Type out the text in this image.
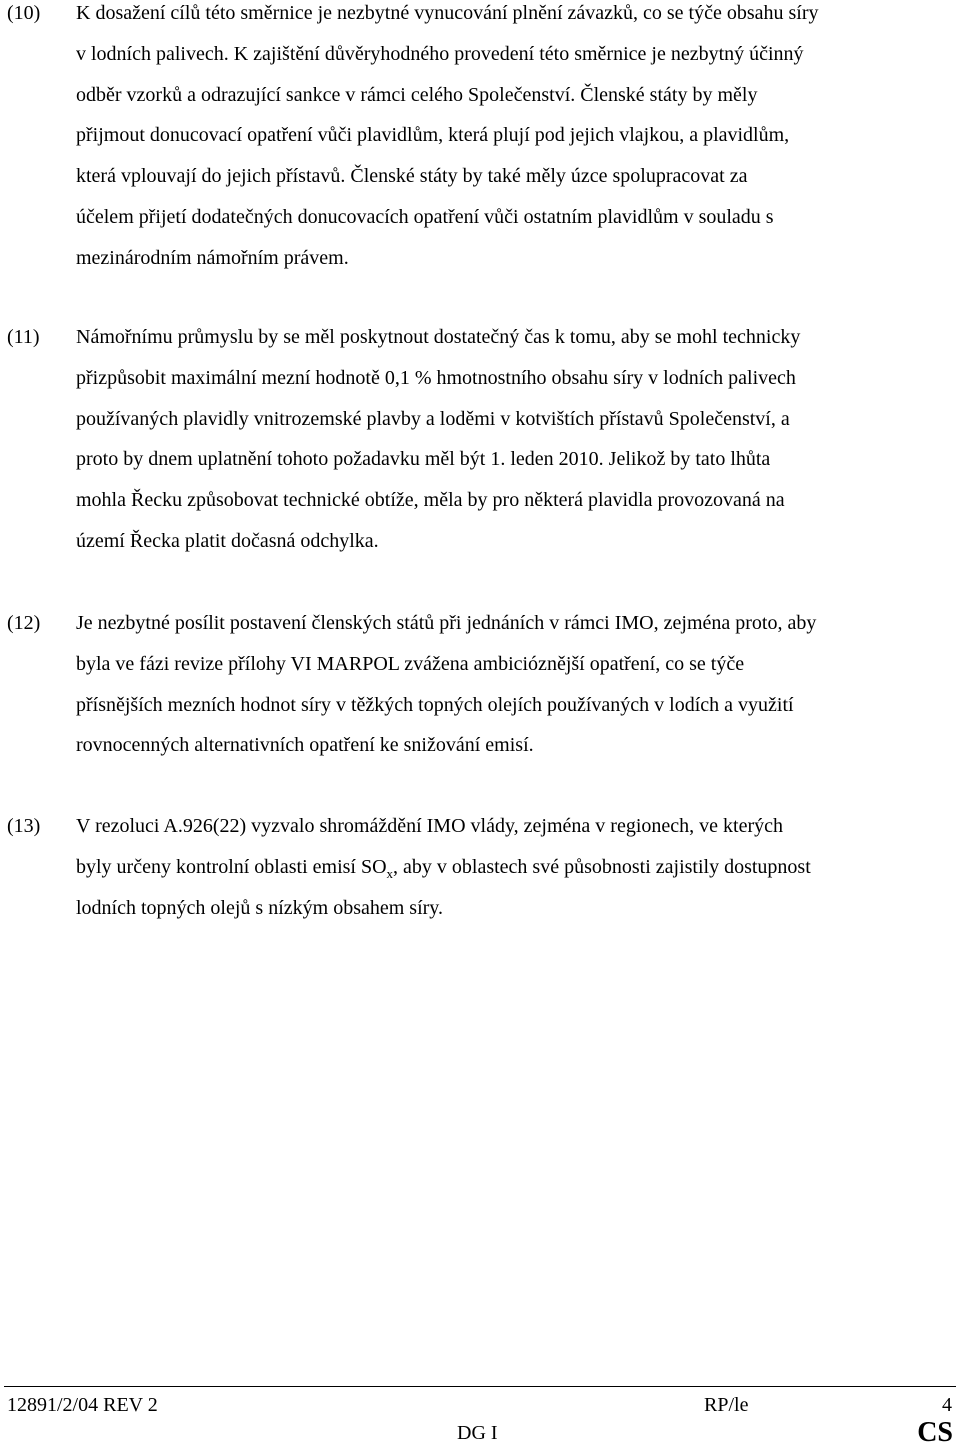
(10) K dosažení cílů této směrnice je nezbytné vynucování plnění závazků, co se týče obsahu síry
v lodních palivech. K zajištění důvěryhodného provedení této směrnice je nezbytný účinný
odběr vzorků a odrazující sankce v rámci celého Společenství. Členské státy by měly
přijmout donucovací opatření vůči plavidlům, která plují pod jejich vlajkou, a plavidlům,
která vplouvají do jejich přístavů. Členské státy by také měly úzce spolupracovat za
účelem přijetí dodatečných donucovacích opatření vůči ostatním plavidlům v souladu s
mezinárodním námořním právem.
(11) Námořnímu průmyslu by se měl poskytnout dostatečný čas k tomu, aby se mohl technicky
přizpůsobit maximální mezní hodnotě 0,1 % hmotnostního obsahu síry v lodních palivech
používaných plavidly vnitrozemské plavby a loděmi v kotvištích přístavů Společenství, a
proto by dnem uplatnění tohoto požadavku měl být 1. leden 2010. Jelikož by tato lhůta
mohla Řecku způsobovat technické obtíže, měla by pro některá plavidla provozovaná na
území Řecka platit dočasná odchylka.
(12) Je nezbytné posílit postavení členských států při jednáních v rámci IMO, zejména proto, aby
byla ve fázi revize přílohy VI MARPOL zvážena ambicióznější opatření, co se týče
přísnějších mezních hodnot síry v těžkých topných olejích používaných v lodích a využití
rovnocenných alternativních opatření ke snižování emisí.
(13) V rezoluci A.926(22) vyzvalo shromáždění IMO vlády, zejména v regionech, ve kterých
byly určeny kontrolní oblasti emisí $SO_x$, aby v oblastech své působnosti zajistily dostupnost
lodních topných olejů s nízkým obsahem síry.
12891/2/04 REV 2	RP/le	4
DG I	CS
